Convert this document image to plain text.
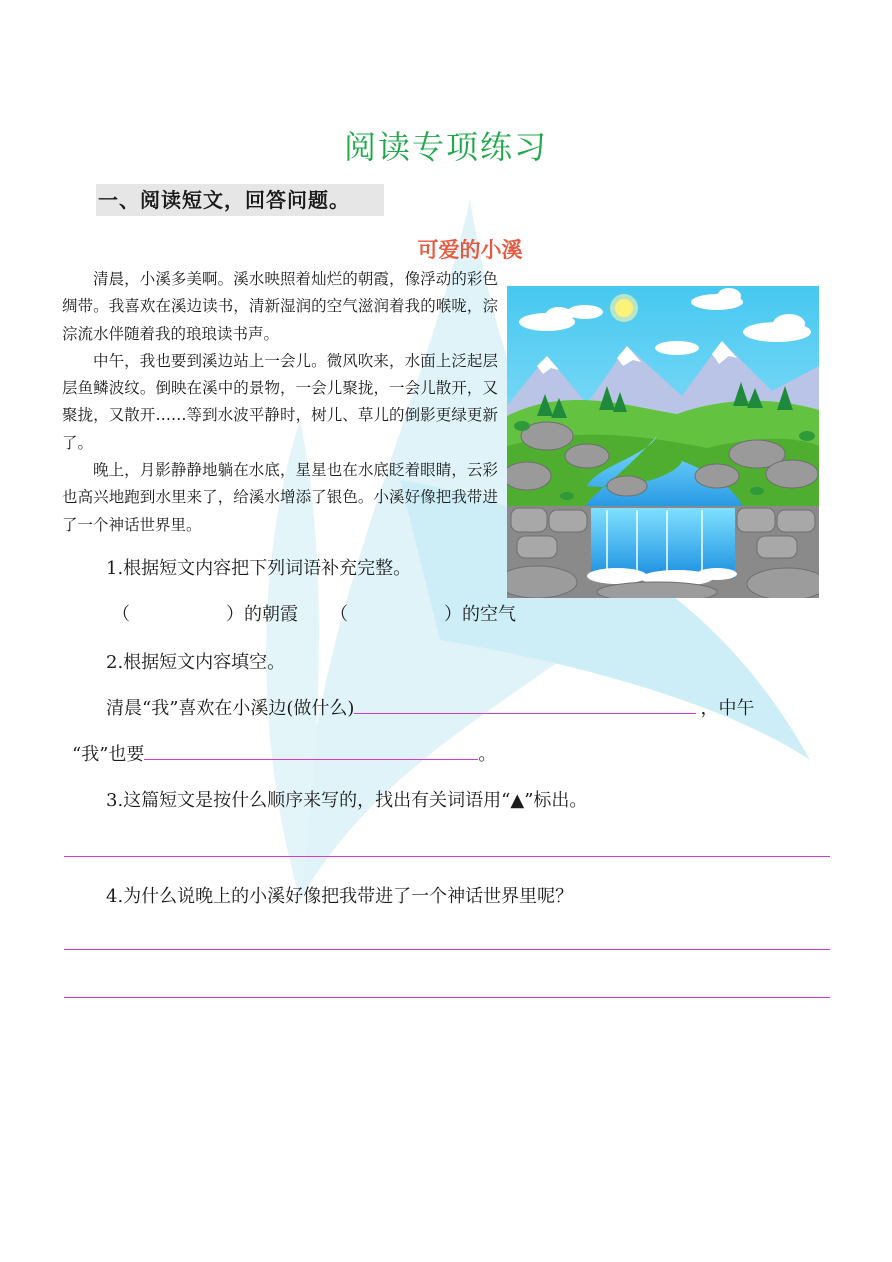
阅读专项练习
一、阅读短文，回答问题。
可爱的小溪

清晨，小溪多美啊。溪水映照着灿烂的朝霞，像浮动的彩色绸带。我喜欢在溪边读书，清新湿润的空气滋润着我的喉咙，淙淙流水伴随着我的琅琅读书声。

中午，我也要到溪边站上一会儿。微风吹来，水面上泛起层层鱼鳞波纹。倒映在溪中的景物，一会儿聚拢，一会儿散开，又聚拢，又散开……等到水波平静时，树儿、草儿的倒影更绿更新了。

晚上，月影静静地躺在水底，星星也在水底眨着眼睛，云彩也高兴地跑到水里来了，给溪水增添了银色。小溪好像把我带进了一个神话世界里。

1.根据短文内容把下列词语补充完整。
（	）的朝霞 （	）的空气
2.根据短文内容填空。
清晨“我”喜欢在小溪边(做什么)	，中午
“我”也要	。
3.这篇短文是按什么顺序来写的，找出有关词语用“▲”标出。
4.为什么说晚上的小溪好像把我带进了一个神话世界里呢？
